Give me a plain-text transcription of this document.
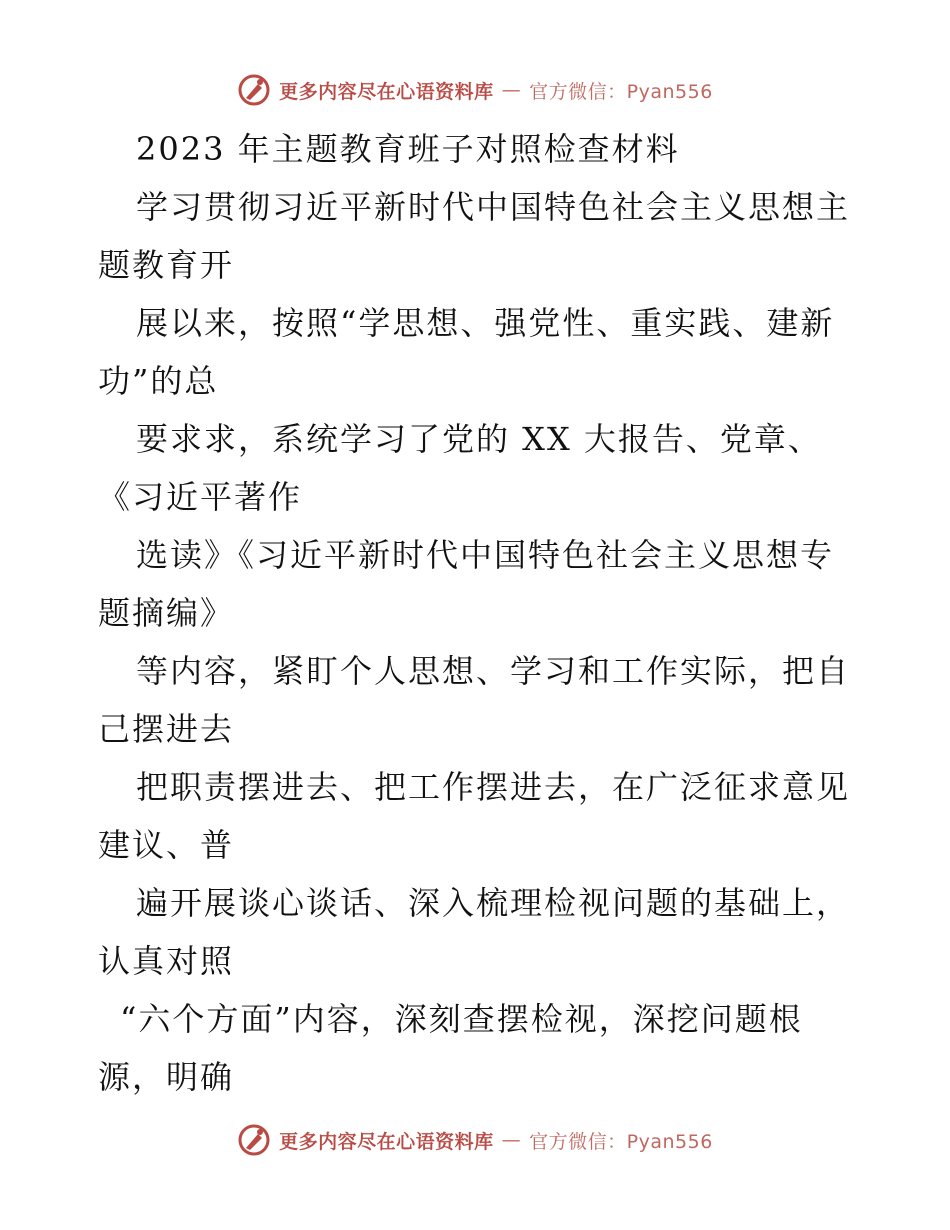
更多内容尽在心语资料库 — 官方微信：Pyan556
2023 年主题教育班子对照检查材料
学习贯彻习近平新时代中国特色社会主义思想主
题教育开
展以来，按照“学思想、强党性、重实践、建新
功”的总
要求求，系统学习了党的 XX 大报告、党章、
《习近平著作
选读》《习近平新时代中国特色社会主义思想专
题摘编》
等内容，紧盯个人思想、学习和工作实际，把自
己摆进去
把职责摆进去、把工作摆进去，在广泛征求意见
建议、普
遍开展谈心谈话、深入梳理检视问题的基础上，
认真对照
“六个方面”内容，深刻查摆检视，深挖问题根
源，明确
更多内容尽在心语资料库 — 官方微信：Pyan556
